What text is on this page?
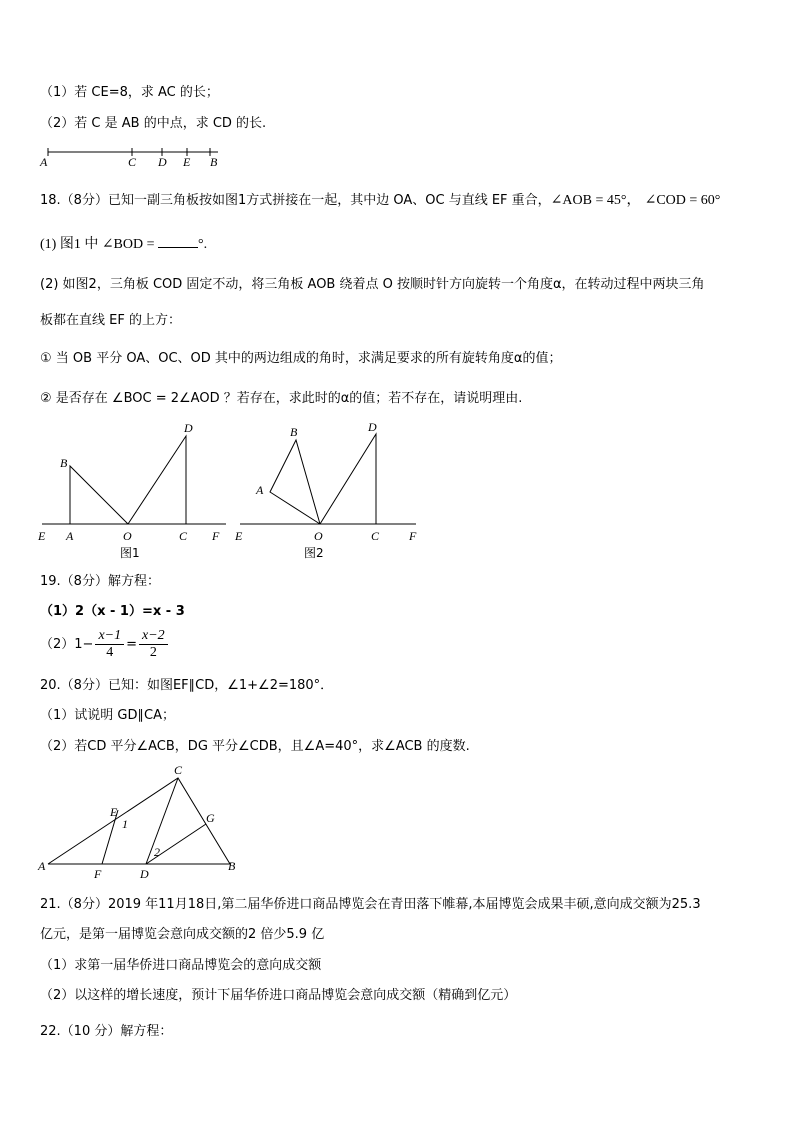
（1）若 CE=8，求 AC 的长；
（2）若 C 是 AB 的中点，求 CD 的长.
A	C D E B
18.（8分）已知一副三角板按如图1方式拼接在一起，其中边 OA、OC 与直线 EF 重合，∠AOB = 45°， ∠COD = 60°
(1) 图1 中 ∠BOD =	°.
(2) 如图2，三角板 COD 固定不动，将三角板 AOB 绕着点 O 按顺时针方向旋转一个角度α，在转动过程中两块三角
板都在直线 EF 的上方：
① 当 OB 平分 OA、OC、OD 其中的两边组成的角时，求满足要求的所有旋转角度α的值；
② 是否存在 ∠BOC = 2∠AOD ？若存在，求此时的α的值；若不存在，请说明理由.
B
D
E A	O	C F
图1
B	D
A
E	O	C F
图2
19.（8分）解方程：
（1）2（x - 1）=x - 3
$(2)1- \frac{x-1}{4} = \frac{x-2}{2}$
20.（8分）已知：如图EF∥CD，∠1+∠2=180°．
（1）试说明 GD∥CA；
（2）若CD 平分∠ACB，DG 平分∠CDB，且∠A=40°，求∠ACB 的度数.
C
E
1	G
2
A
F	D
B
21.（8分）2019 年11月18日,第二届华侨进口商品博览会在青田落下帷幕,本届博览会成果丰硕,意向成交额为25.3
亿元，是第一届博览会意向成交额的2 倍少5.9 亿
（1）求第一届华侨进口商品博览会的意向成交额
（2）以这样的增长速度，预计下届华侨进口商品博览会意向成交额（精确到亿元）
22.（10 分）解方程：
